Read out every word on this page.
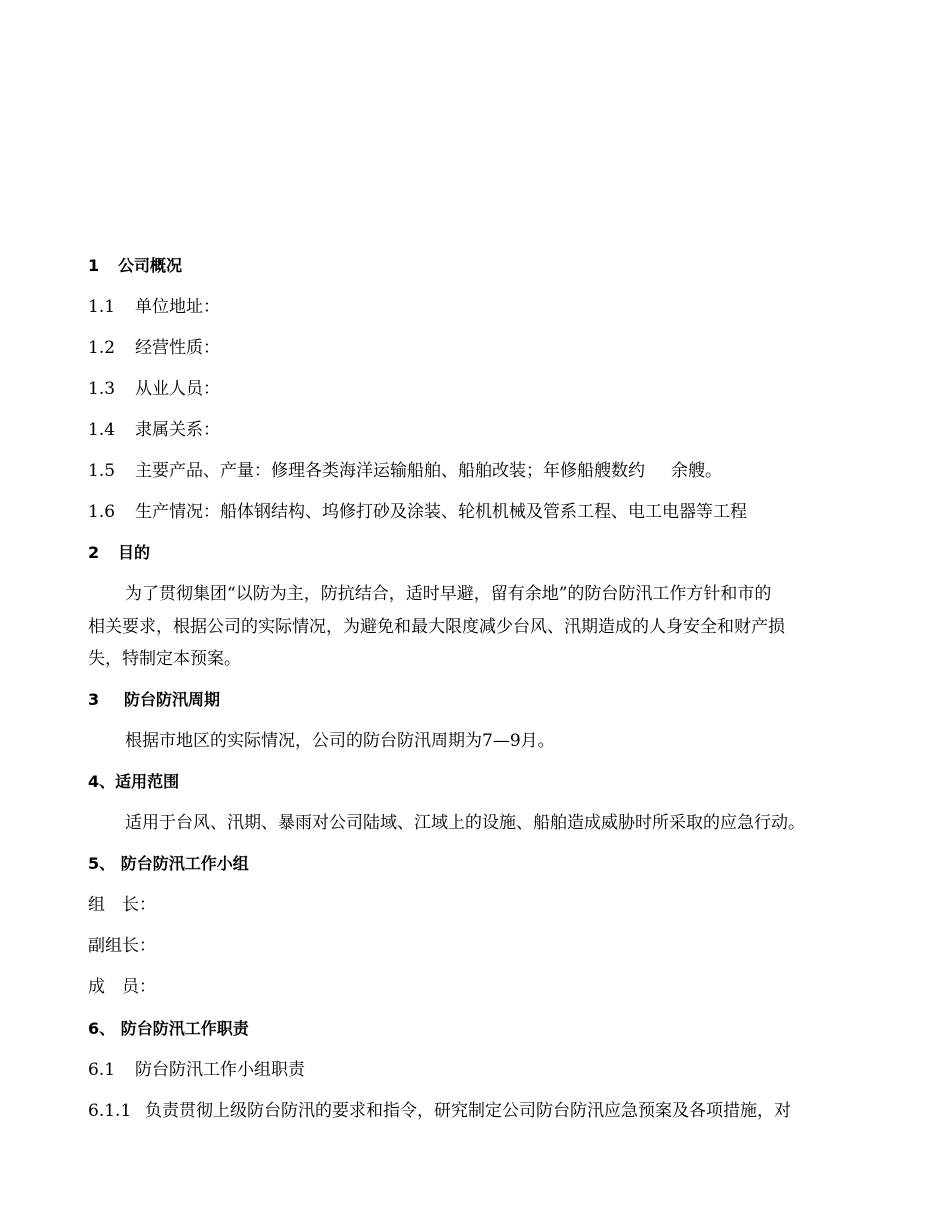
1 公司概况
1.1 单位地址：
1.2 经营性质：
1.3 从业人员：
1.4 隶属关系：
1.5 主要产品、产量：修理各类海洋运输船舶、船舶改装；年修船艘数约 余艘。
1.6 生产情况：船体钢结构、坞修打砂及涂装、轮机机械及管系工程、电工电器等工程
2 目的
为了贯彻集团“以防为主，防抗结合，适时早避，留有余地”的防台防汛工作方针和市的
相关要求，根据公司的实际情况，为避免和最大限度减少台风、汛期造成的人身安全和财产损
失，特制定本预案。
3 防台防汛周期
根据市地区的实际情况，公司的防台防汛周期为7—9月。
4、适用范围
适用于台风、汛期、暴雨对公司陆域、江域上的设施、船舶造成威胁时所采取的应急行动。
5、 防台防汛工作小组
组　长：
副组长：
成　员：
6、 防台防汛工作职责
6.1 防台防汛工作小组职责
6.1.1 负责贯彻上级防台防汛的要求和指令，研究制定公司防台防汛应急预案及各项措施，对
